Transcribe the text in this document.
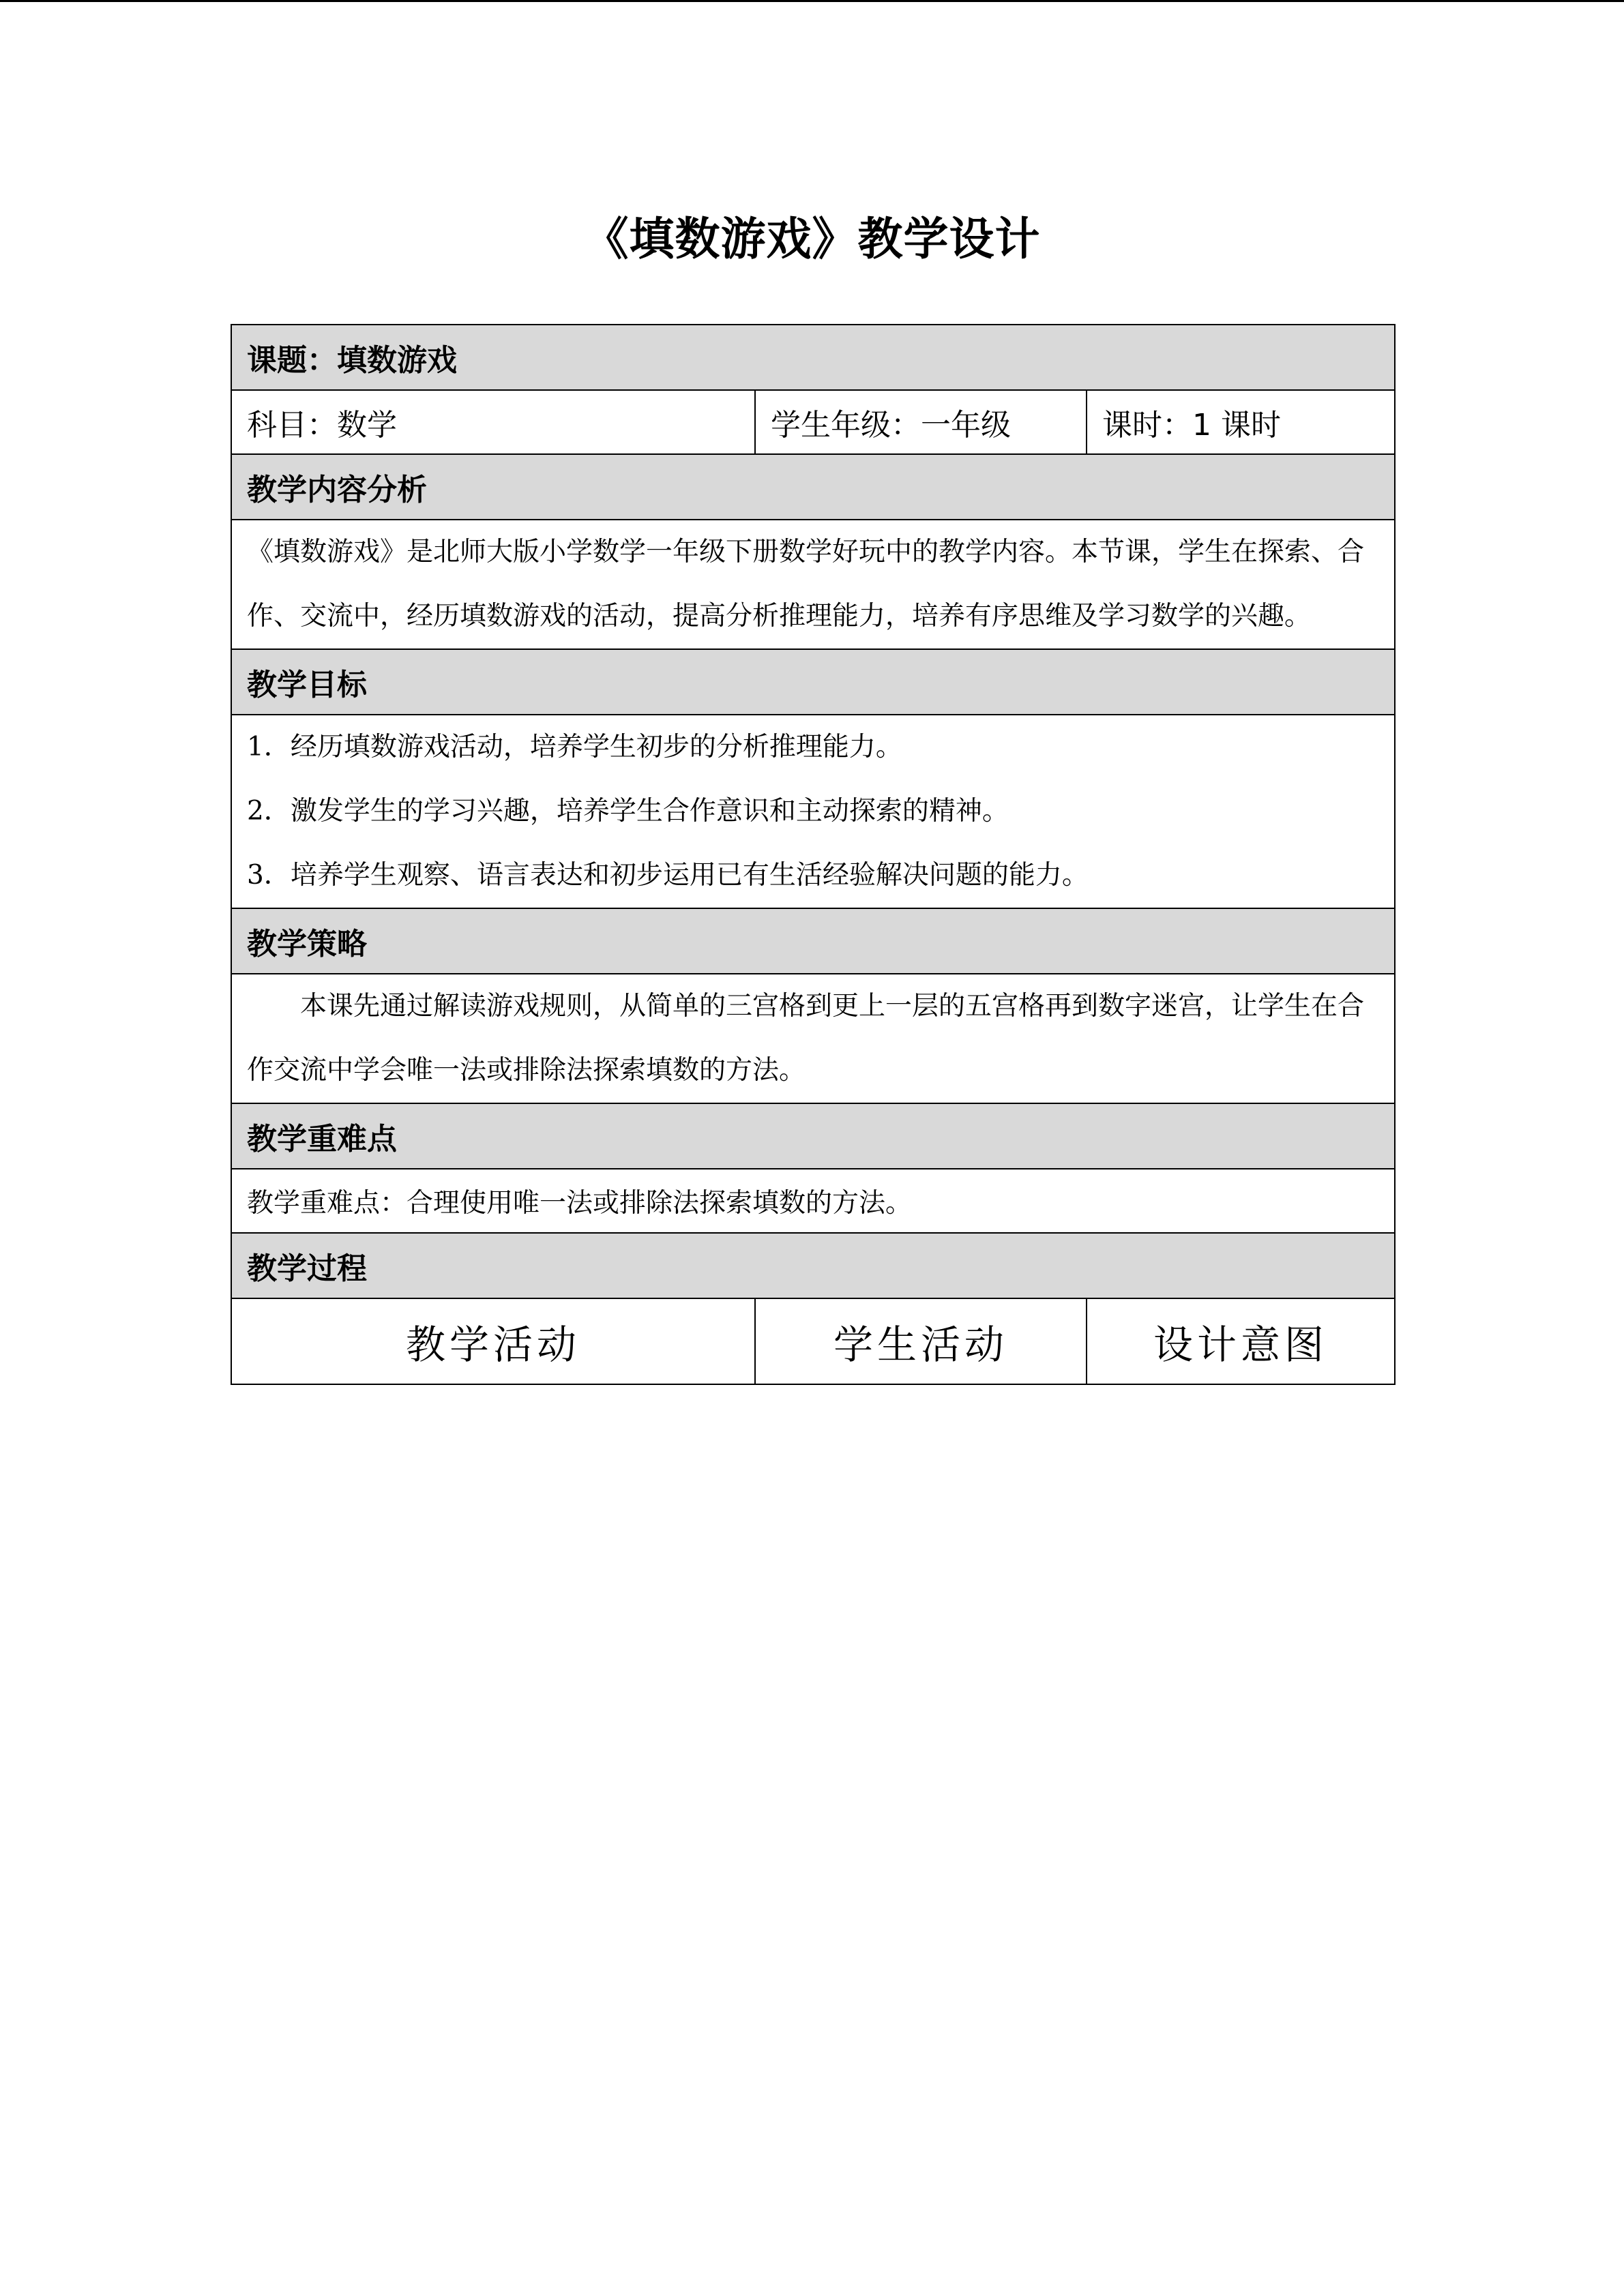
《填数游戏》教学设计
课题：填数游戏		
科目：数学	学生年级：一年级	课时：1 课时
教学内容分析		
《填数游戏》是北师大版小学数学一年级下册数学好玩中的教学内容。本节课，学生在探索、合作、交流中，经历填数游戏的活动，提高分析推理能力，培养有序思维及学习数学的兴趣。		
教学目标		

1．经历填数游戏活动，培养学生初步的分析推理能力。

2．激发学生的学习兴趣，培养学生合作意识和主动探索的精神。

3．培养学生观察、语言表达和初步运用已有生活经验解决问题的能力。		

教学策略		

本课先通过解读游戏规则，从简单的三宫格到更上一层的五宫格再到数字迷宫，让学生在合作交流中学会唯一法或排除法探索填数的方法。		

教学重难点		
教学重难点：合理使用唯一法或排除法探索填数的方法。		
教学过程		
教学活动	学生活动	设计意图
